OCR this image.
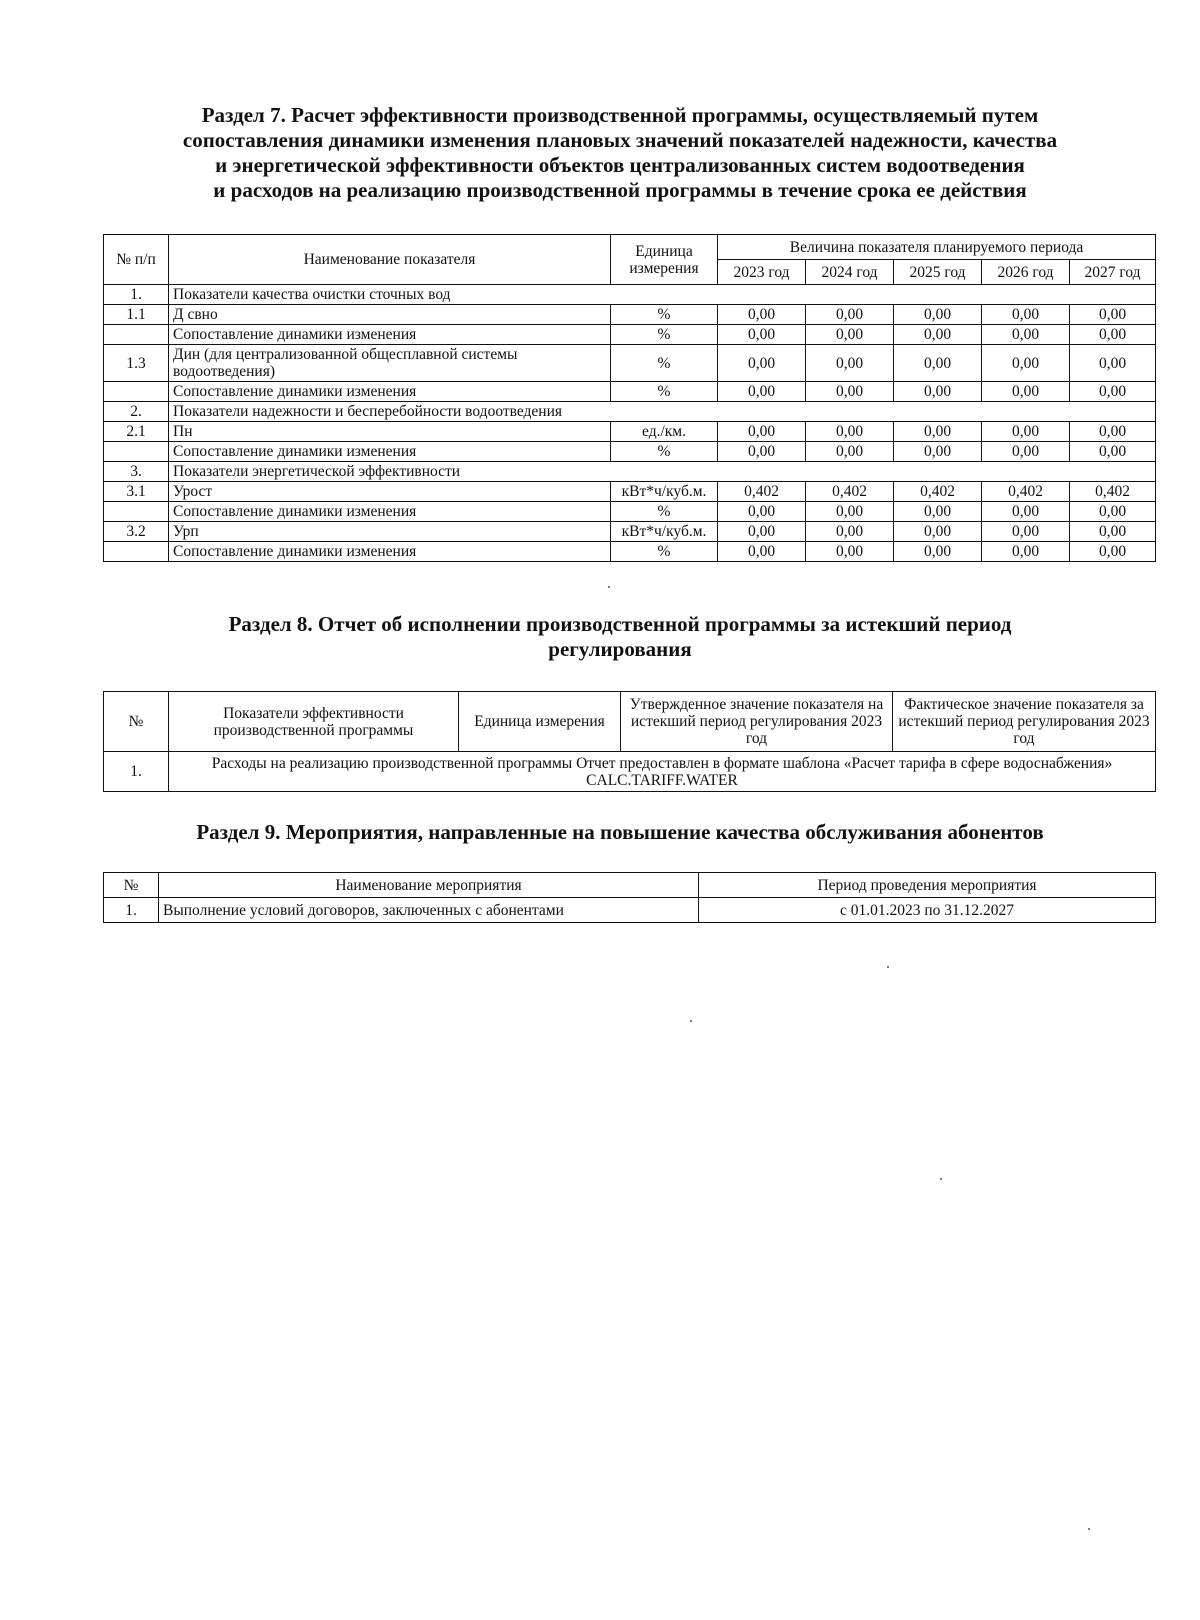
Раздел 7. Расчет эффективности производственной программы, осуществляемый путем
сопоставления динамики изменения плановых значений показателей надежности, качества
и энергетической эффективности объектов централизованных систем водоотведения
и расходов на реализацию производственной программы в течение срока ее действия
№ п/п	Наименование показателя	Единица измерения	Величина показателя планируемого периода				
			2023 год	2024 год	2025 год	2026 год	2027 год
1.	Показатели качества очистки сточных вод						
1.1	Д свно	%	0,00	0,00	0,00	0,00	0,00
	Сопоставление динамики изменения	%	0,00	0,00	0,00	0,00	0,00
1.3	Дин (для централизованной общесплавной системы водоотведения)	%	0,00	0,00	0,00	0,00	0,00
	Сопоставление динамики изменения	%	0,00	0,00	0,00	0,00	0,00
2.	Показатели надежности и бесперебойности водоотведения						
2.1	Пн	ед./км.	0,00	0,00	0,00	0,00	0,00
	Сопоставление динамики изменения	%	0,00	0,00	0,00	0,00	0,00
3.	Показатели энергетической эффективности						
3.1	Урост	кВт*ч/куб.м.	0,402	0,402	0,402	0,402	0,402
	Сопоставление динамики изменения	%	0,00	0,00	0,00	0,00	0,00
3.2	Урп	кВт*ч/куб.м.	0,00	0,00	0,00	0,00	0,00
	Сопоставление динамики изменения	%	0,00	0,00	0,00	0,00	0,00
Раздел 8. Отчет об исполнении производственной программы за истекший период
регулирования
№	Показатели эффективности производственной программы	Единица измерения	Утвержденное значение показателя на истекший период регулирования 2023 год	Фактическое значение показателя за истекший период регулирования 2023 год
1.	Расходы на реализацию производственной программы Отчет предоставлен в формате шаблона «Расчет тарифа в сфере водоснабжения» CALC.TARIFF.WATER			
Раздел 9. Мероприятия, направленные на повышение качества обслуживания абонентов
№	Наименование мероприятия	Период проведения мероприятия
1.	Выполнение условий договоров, заключенных с абонентами	с 01.01.2023 по 31.12.2027
